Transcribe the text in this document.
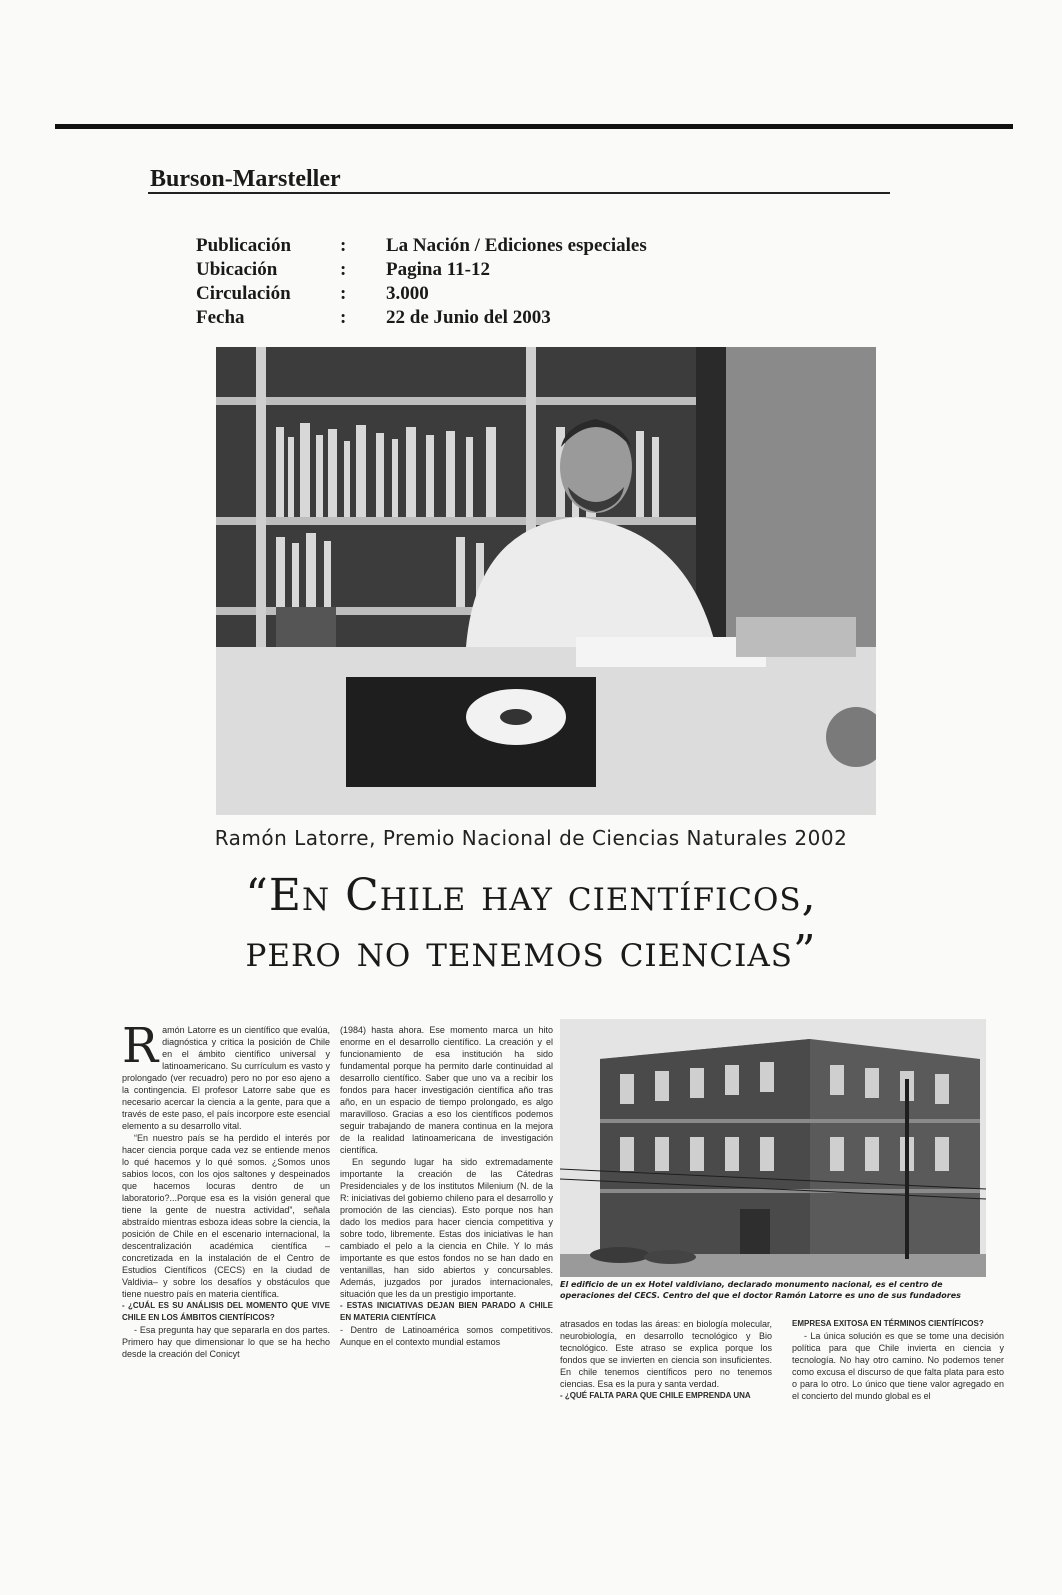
Burson-Marsteller
Publicación	: La Nación / Ediciones especiales
Ubicación	: Pagina 11-12
Circulación	: 3.000
Fecha	: 22 de Junio del 2003
Ramón Latorre, Premio Nacional de Ciencias Naturales 2002
“En Chile hay científicos,
pero no tenemos ciencias”
R amón Latorre es un científico que evalúa, diagnóstica y critica la posición de Chile en el ámbito científico universal y latinoamericano. Su currículum es vasto y prolongado (ver recuadro) pero no por eso ajeno a la contingencia. El profesor Latorre sabe que es necesario acercar la ciencia a la gente, para que a través de este paso, el país incorpore este esencial elemento a su desarrollo vital.

“En nuestro país se ha perdido el interés por hacer ciencia porque cada vez se entiende menos lo qué hacemos y lo qué somos. ¿Somos unos sabios locos, con los ojos saltones y despeinados que hacemos locuras dentro de un laboratorio?...Porque esa es la visión general que tiene la gente de nuestra actividad”, señala abstraído mientras esboza ideas sobre la ciencia, la posición de Chile en el escenario internacional, la descentralización académica científica –concretizada en la instalación de el Centro de Estudios Científicos (CECS) en la ciudad de Valdivia– y sobre los desafíos y obstáculos que tiene nuestro país en materia científica.

- ¿CUÁL ES SU ANÁLISIS DEL MOMENTO QUE VIVE CHILE EN LOS ÁMBITOS CIENTÍFICOS?

- Esa pregunta hay que separarla en dos partes. Primero hay que dimensionar lo que se ha hecho desde la creación del Conicyt

(1984) hasta ahora. Ese momento marca un hito enorme en el desarrollo científico. La creación y el funcionamiento de esa institución ha sido fundamental porque ha permito darle continuidad al desarrollo científico. Saber que uno va a recibir los fondos para hacer investigación científica año tras año, en un espacio de tiempo prolongado, es algo maravilloso. Gracias a eso los científicos podemos seguir trabajando de manera continua en la mejora de la realidad latinoamericana de investigación científica.

En segundo lugar ha sido extremadamente importante la creación de las Cátedras Presidenciales y de los institutos Milenium (N. de la R: iniciativas del gobierno chileno para el desarrollo y promoción de las ciencias). Esto porque nos han dado los medios para hacer ciencia competitiva y sobre todo, libremente. Estas dos iniciativas le han cambiado el pelo a la ciencia en Chile. Y lo más importante es que estos fondos no se han dado en ventanillas, han sido abiertos y concursables. Además, juzgados por jurados internacionales, situación que les da un prestigio importante.

- ESTAS INICIATIVAS DEJAN BIEN PARADO A CHILE EN MATERIA CIENTÍFICA

- Dentro de Latinoamérica somos competitivos. Aunque en el contexto mundial estamos

El edificio de un ex Hotel valdiviano, declarado monumento nacional, es el centro de operaciones del CECS. Centro del que el doctor Ramón Latorre es uno de sus fundadores

atrasados en todas las áreas: en biología molecular, neurobiología, en desarrollo tecnológico y Bio tecnológico. Este atraso se explica porque los fondos que se invierten en ciencia son insuficientes. En chile tenemos científicos pero no tenemos ciencias. Esa es la pura y santa verdad.

- ¿QUÉ FALTA PARA QUE CHILE EMPRENDA UNA

EMPRESA EXITOSA EN TÉRMINOS CIENTÍFICOS?

- La única solución es que se tome una decisión política para que Chile invierta en ciencia y tecnología. No hay otro camino. No podemos tener como excusa el discurso de que falta plata para esto o para lo otro. Lo único que tiene valor agregado en el concierto del mundo global es el
